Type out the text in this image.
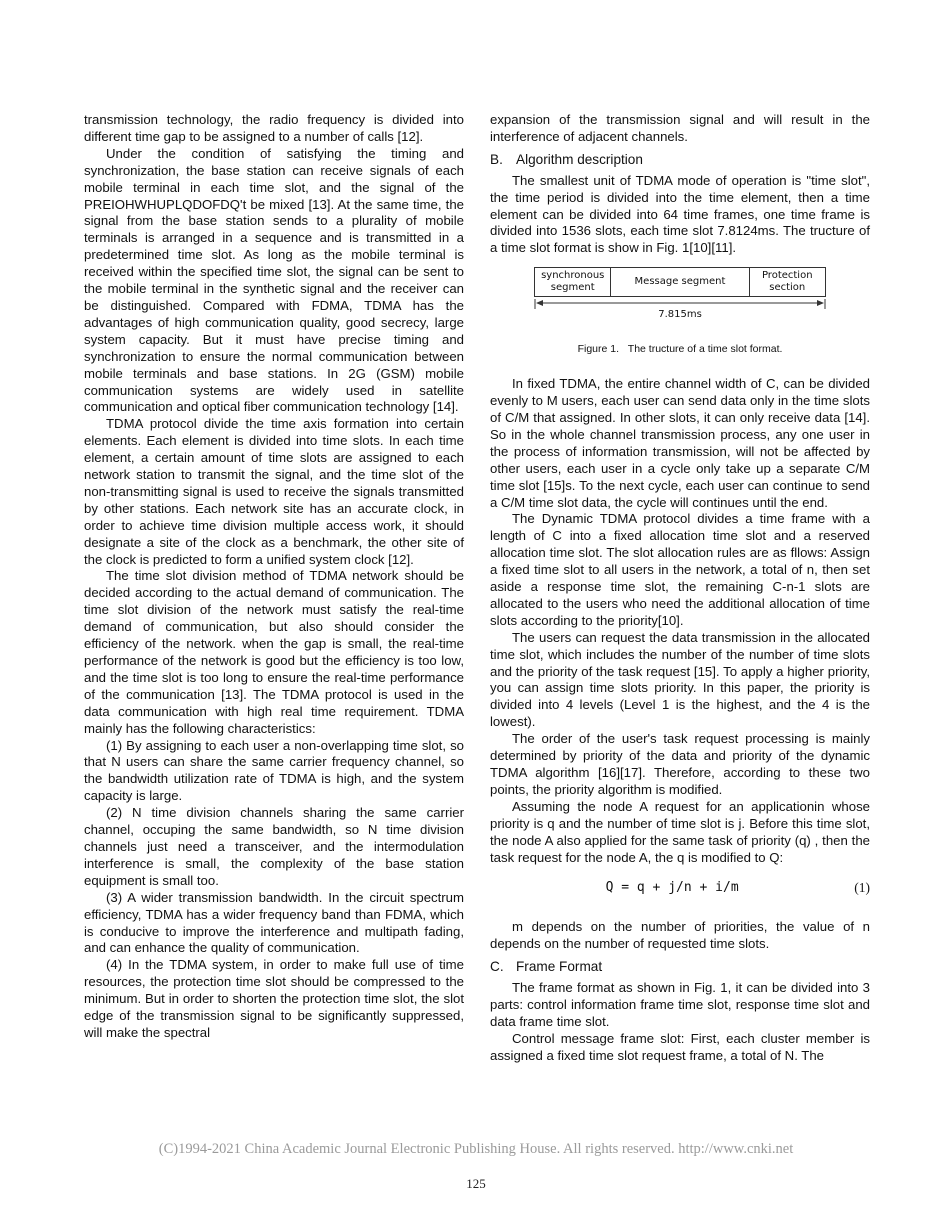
transmission technology, the radio frequency is divided into different time gap to be assigned to a number of calls [12].

Under the condition of satisfying the timing and synchronization, the base station can receive signals of each mobile terminal in each time slot, and the signal of the PREIOHWHUPLQDOFDQ't be mixed [13]. At the same time, the signal from the base station sends to a plurality of mobile terminals is arranged in a sequence and is transmitted in a predetermined time slot. As long as the mobile terminal is received within the specified time slot, the signal can be sent to the mobile terminal in the synthetic signal and the receiver can be distinguished. Compared with FDMA, TDMA has the advantages of high communication quality, good secrecy, large system capacity. But it must have precise timing and synchronization to ensure the normal communication between mobile terminals and base stations. In 2G (GSM) mobile communication systems are widely used in satellite communication and optical fiber communication technology [14].

TDMA protocol divide the time axis formation into certain elements. Each element is divided into time slots. In each time element, a certain amount of time slots are assigned to each network station to transmit the signal, and the time slot of the non-transmitting signal is used to receive the signals transmitted by other stations. Each network site has an accurate clock, in order to achieve time division multiple access work, it should designate a site of the clock as a benchmark, the other site of the clock is predicted to form a unified system clock [12].

The time slot division method of TDMA network should be decided according to the actual demand of communication. The time slot division of the network must satisfy the real-time demand of communication, but also should consider the efficiency of the network. when the gap is small, the real-time performance of the network is good but the efficiency is too low, and the time slot is too long to ensure the real-time performance of the communication [13]. The TDMA protocol is used in the data communication with high real time requirement. TDMA mainly has the following characteristics:

(1) By assigning to each user a non-overlapping time slot, so that N users can share the same carrier frequency channel, so the bandwidth utilization rate of TDMA is high, and the system capacity is large.

(2) N time division channels sharing the same carrier channel, occuping the same bandwidth, so N time division channels just need a transceiver, and the intermodulation interference is small, the complexity of the base station equipment is small too.

(3) A wider transmission bandwidth. In the circuit spectrum efficiency, TDMA has a wider frequency band than FDMA, which is conducive to improve the interference and multipath fading, and can enhance the quality of communication.

(4) In the TDMA system, in order to make full use of time resources, the protection time slot should be compressed to the minimum. But in order to shorten the protection time slot, the slot edge of the transmission signal to be significantly suppressed, will make the spectral

expansion of the transmission signal and will result in the interference of adjacent channels.

B. Algorithm description

The smallest unit of TDMA mode of operation is "time slot", the time period is divided into the time element, then a time element can be divided into 64 time frames, one time frame is divided into 1536 slots, each time slot 7.8124ms. The tructure of a time slot format is show in Fig. 1[10][11].

synchronous segment
Message segment
Protection section
7.815ms
Figure 1. The tructure of a time slot format.

In fixed TDMA, the entire channel width of C, can be divided evenly to M users, each user can send data only in the time slots of C/M that assigned. In other slots, it can only receive data [14]. So in the whole channel transmission process, any one user in the process of information transmission, will not be affected by other users, each user in a cycle only take up a separate C/M time slot [15]s. To the next cycle, each user can continue to send a C/M time slot data, the cycle will continues until the end.

The Dynamic TDMA protocol divides a time frame with a length of C into a fixed allocation time slot and a reserved allocation time slot. The slot allocation rules are as fllows: Assign a fixed time slot to all users in the network, a total of n, then set aside a response time slot, the remaining C-n-1 slots are allocated to the users who need the additional allocation of time slots according to the priority[10].

The users can request the data transmission in the allocated time slot, which includes the number of the number of time slots and the priority of the task request [15]. To apply a higher priority, you can assign time slots priority. In this paper, the priority is divided into 4 levels (Level 1 is the highest, and the 4 is the lowest).

The order of the user's task request processing is mainly determined by priority of the data and priority of the dynamic TDMA algorithm [16][17]. Therefore, according to these two points, the priority algorithm is modified.

Assuming the node A request for an applicationin whose priority is q and the number of time slot is j. Before this time slot, the node A also applied for the same task of priority (q) , then the task request for the node A, the q is modified to Q:

Q = q + j/n + i/m	(1)

m depends on the number of priorities, the value of n depends on the number of requested time slots.

C. Frame Format

The frame format as shown in Fig. 1, it can be divided into 3 parts: control information frame time slot, response time slot and data frame time slot.

Control message frame slot: First, each cluster member is assigned a fixed time slot request frame, a total of N. The

(C)1994-2021 China Academic Journal Electronic Publishing House. All rights reserved. http://www.cnki.net
125
